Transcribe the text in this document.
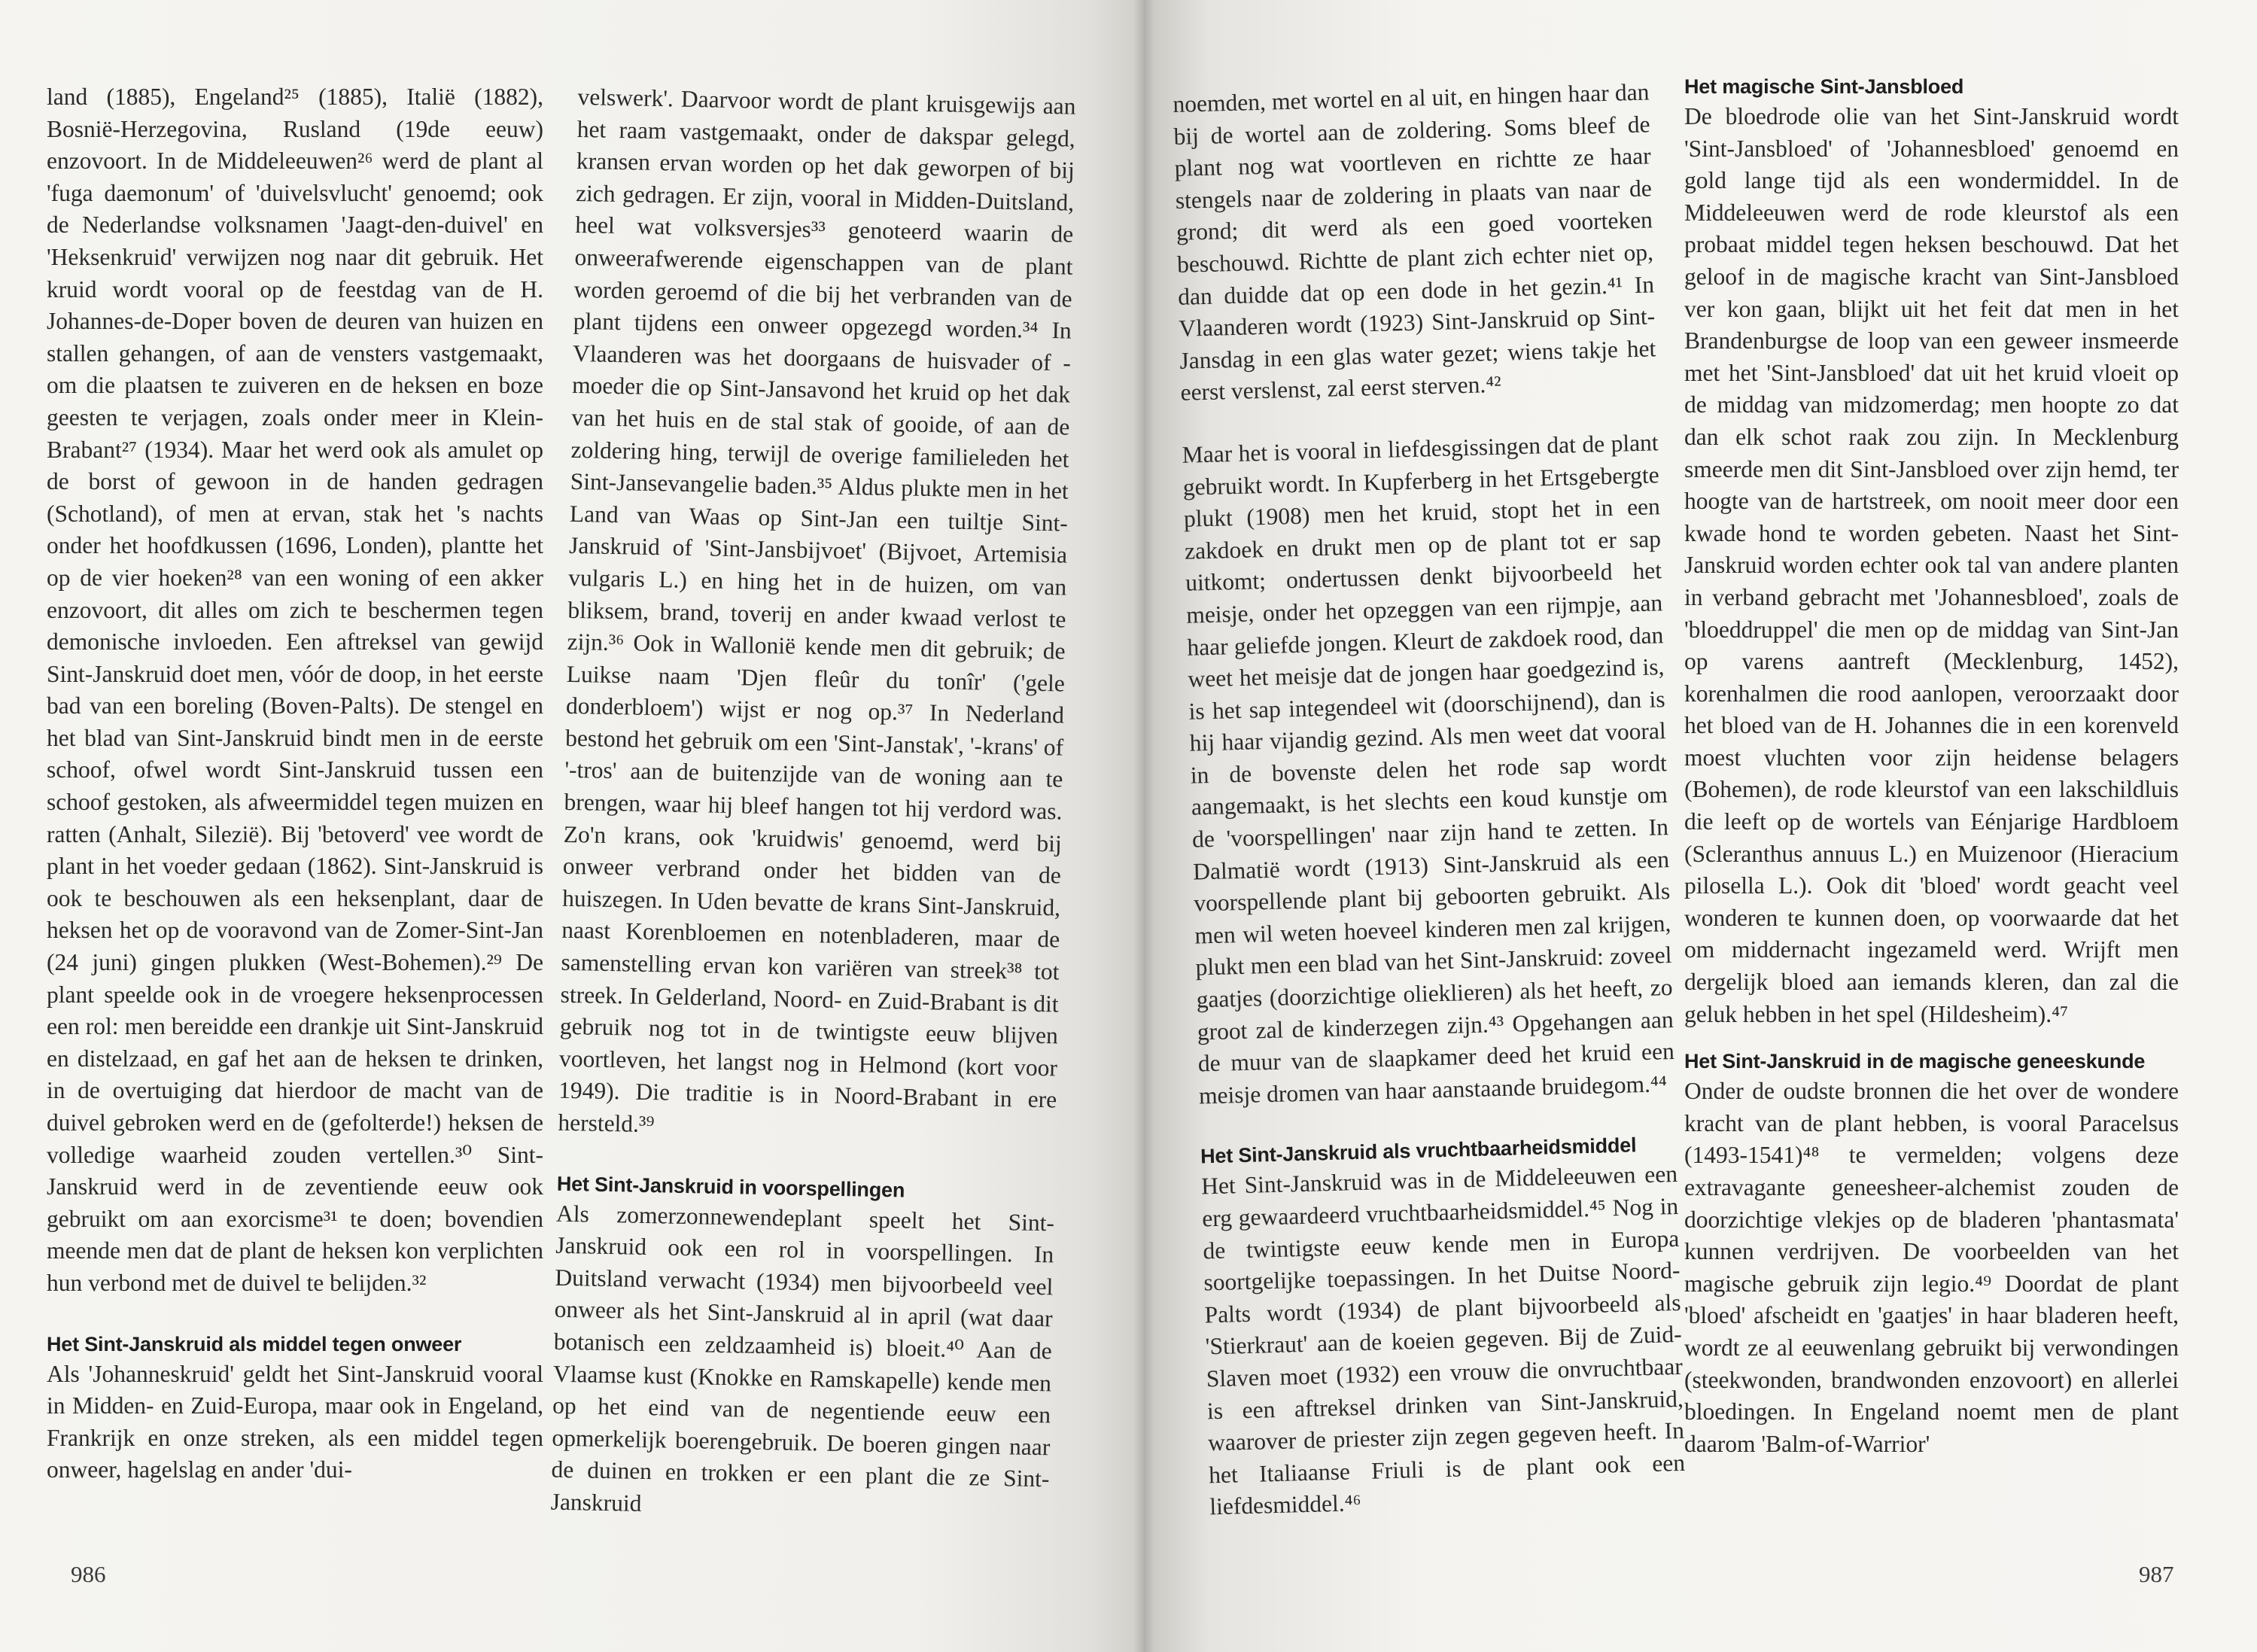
land (1885), Engeland²⁵ (1885), Italië (1882), Bosnië-Herzegovina, Rusland (19de eeuw) enzovoort. In de Middeleeuwen²⁶ werd de plant al 'fuga daemonum' of 'duivelsvlucht' genoemd; ook de Nederlandse volksnamen 'Jaagt-den-duivel' en 'Heksenkruid' verwijzen nog naar dit gebruik. Het kruid wordt vooral op de feestdag van de H. Johannes-de-Doper boven de deuren van huizen en stallen gehangen, of aan de vensters vastgemaakt, om die plaatsen te zuiveren en de heksen en boze geesten te verjagen, zoals onder meer in Klein-Brabant²⁷ (1934). Maar het werd ook als amulet op de borst of gewoon in de handen gedragen (Schotland), of men at ervan, stak het 's nachts onder het hoofdkussen (1696, Londen), plantte het op de vier hoeken²⁸ van een woning of een akker enzovoort, dit alles om zich te beschermen tegen demonische invloeden. Een aftreksel van gewijd Sint-Janskruid doet men, vóór de doop, in het eerste bad van een boreling (Boven-Palts). De stengel en het blad van Sint-Janskruid bindt men in de eerste schoof, ofwel wordt Sint-Janskruid tussen een schoof gestoken, als afweermiddel tegen muizen en ratten (Anhalt, Silezië). Bij 'betoverd' vee wordt de plant in het voeder gedaan (1862). Sint-Janskruid is ook te beschouwen als een heksenplant, daar de heksen het op de vooravond van de Zomer-Sint-Jan (24 juni) gingen plukken (West-Bohemen).²⁹ De plant speelde ook in de vroegere heksenprocessen een rol: men bereidde een drankje uit Sint-Janskruid en distelzaad, en gaf het aan de heksen te drinken, in de overtuiging dat hierdoor de macht van de duivel gebroken werd en de (gefolterde!) heksen de volledige waarheid zouden vertellen.³⁰ Sint-Janskruid werd in de zeventiende eeuw ook gebruikt om aan exorcisme³¹ te doen; bovendien meende men dat de plant de heksen kon verplichten hun verbond met de duivel te belijden.³²

Het Sint-Janskruid als middel tegen onweer

Als 'Johanneskruid' geldt het Sint-Janskruid vooral in Midden- en Zuid-Europa, maar ook in Engeland, Frankrijk en onze streken, als een middel tegen onweer, hagelslag en ander 'dui-

velswerk'. Daarvoor wordt de plant kruisgewijs aan het raam vastgemaakt, onder de dakspar gelegd, kransen ervan worden op het dak geworpen of bij zich gedragen. Er zijn, vooral in Midden-Duitsland, heel wat volksversjes³³ genoteerd waarin de onweerafwerende eigenschappen van de plant worden geroemd of die bij het verbranden van de plant tijdens een onweer opgezegd worden.³⁴ In Vlaanderen was het doorgaans de huisvader of -moeder die op Sint-Jansavond het kruid op het dak van het huis en de stal stak of gooide, of aan de zoldering hing, terwijl de overige familieleden het Sint-Jansevangelie baden.³⁵ Aldus plukte men in het Land van Waas op Sint-Jan een tuiltje Sint-Janskruid of 'Sint-Jansbijvoet' (Bijvoet, Artemisia vulgaris L.) en hing het in de huizen, om van bliksem, brand, toverij en ander kwaad verlost te zijn.³⁶ Ook in Wallonië kende men dit gebruik; de Luikse naam 'Djen fleûr du tonîr' ('gele donderbloem') wijst er nog op.³⁷ In Nederland bestond het gebruik om een 'Sint-Janstak', '-krans' of '-tros' aan de buitenzijde van de woning aan te brengen, waar hij bleef hangen tot hij verdord was. Zo'n krans, ook 'kruidwis' genoemd, werd bij onweer verbrand onder het bidden van de huiszegen. In Uden bevatte de krans Sint-Janskruid, naast Korenbloemen en notenbladeren, maar de samenstelling ervan kon variëren van streek³⁸ tot streek. In Gelderland, Noord- en Zuid-Brabant is dit gebruik nog tot in de twintigste eeuw blijven voortleven, het langst nog in Helmond (kort voor 1949). Die traditie is in Noord-Brabant in ere hersteld.³⁹

Het Sint-Janskruid in voorspellingen

Als zomerzonnewendeplant speelt het Sint-Janskruid ook een rol in voorspellingen. In Duitsland verwacht (1934) men bijvoorbeeld veel onweer als het Sint-Janskruid al in april (wat daar botanisch een zeldzaamheid is) bloeit.⁴⁰ Aan de Vlaamse kust (Knokke en Ramskapelle) kende men op het eind van de negentiende eeuw een opmerkelijk boerengebruik. De boeren gingen naar de duinen en trokken er een plant die ze Sint-Janskruid

986

noemden, met wortel en al uit, en hingen haar dan bij de wortel aan de zoldering. Soms bleef de plant nog wat voortleven en richtte ze haar stengels naar de zoldering in plaats van naar de grond; dit werd als een goed voorteken beschouwd. Richtte de plant zich echter niet op, dan duidde dat op een dode in het gezin.⁴¹ In Vlaanderen wordt (1923) Sint-Janskruid op Sint-Jansdag in een glas water gezet; wiens takje het eerst verslenst, zal eerst sterven.⁴²

Maar het is vooral in liefdesgissingen dat de plant gebruikt wordt. In Kupferberg in het Ertsgebergte plukt (1908) men het kruid, stopt het in een zakdoek en drukt men op de plant tot er sap uitkomt; ondertussen denkt bijvoorbeeld het meisje, onder het opzeggen van een rijmpje, aan haar geliefde jongen. Kleurt de zakdoek rood, dan weet het meisje dat de jongen haar goedgezind is, is het sap integendeel wit (doorschijnend), dan is hij haar vijandig gezind. Als men weet dat vooral in de bovenste delen het rode sap wordt aangemaakt, is het slechts een koud kunstje om de 'voorspellingen' naar zijn hand te zetten. In Dalmatië wordt (1913) Sint-Janskruid als een voorspellende plant bij geboorten gebruikt. Als men wil weten hoeveel kinderen men zal krijgen, plukt men een blad van het Sint-Janskruid: zoveel gaatjes (doorzichtige olieklieren) als het heeft, zo groot zal de kinderzegen zijn.⁴³ Opgehangen aan de muur van de slaapkamer deed het kruid een meisje dromen van haar aanstaande bruidegom.⁴⁴

Het Sint-Janskruid als vruchtbaarheidsmiddel

Het Sint-Janskruid was in de Middeleeuwen een erg gewaardeerd vruchtbaarheidsmiddel.⁴⁵ Nog in de twintigste eeuw kende men in Europa soortgelijke toepassingen. In het Duitse Noord-Palts wordt (1934) de plant bijvoorbeeld als 'Stierkraut' aan de koeien gegeven. Bij de Zuid-Slaven moet (1932) een vrouw die onvruchtbaar is een aftreksel drinken van Sint-Janskruid, waarover de priester zijn zegen gegeven heeft. In het Italiaanse Friuli is de plant ook een liefdesmiddel.⁴⁶

Het magische Sint-Jansbloed

De bloedrode olie van het Sint-Janskruid wordt 'Sint-Jansbloed' of 'Johannesbloed' genoemd en gold lange tijd als een wondermiddel. In de Middeleeuwen werd de rode kleurstof als een probaat middel tegen heksen beschouwd. Dat het geloof in de magische kracht van Sint-Jansbloed ver kon gaan, blijkt uit het feit dat men in het Brandenburgse de loop van een geweer insmeerde met het 'Sint-Jansbloed' dat uit het kruid vloeit op de middag van midzomerdag; men hoopte zo dat dan elk schot raak zou zijn. In Mecklenburg smeerde men dit Sint-Jansbloed over zijn hemd, ter hoogte van de hartstreek, om nooit meer door een kwade hond te worden gebeten. Naast het Sint-Janskruid worden echter ook tal van andere planten in verband gebracht met 'Johannesbloed', zoals de 'bloeddruppel' die men op de middag van Sint-Jan op varens aantreft (Mecklenburg, 1452), korenhalmen die rood aanlopen, veroorzaakt door het bloed van de H. Johannes die in een korenveld moest vluchten voor zijn heidense belagers (Bohemen), de rode kleurstof van een lakschildluis die leeft op de wortels van Eénjarige Hardbloem (Scleranthus annuus L.) en Muizenoor (Hieracium pilosella L.). Ook dit 'bloed' wordt geacht veel wonderen te kunnen doen, op voorwaarde dat het om middernacht ingezameld werd. Wrijft men dergelijk bloed aan iemands kleren, dan zal die geluk hebben in het spel (Hildesheim).⁴⁷

Het Sint-Janskruid in de magische geneeskunde

Onder de oudste bronnen die het over de wondere kracht van de plant hebben, is vooral Paracelsus (1493-1541)⁴⁸ te vermelden; volgens deze extravagante geneesheer-alchemist zouden de doorzichtige vlekjes op de bladeren 'phantasmata' kunnen verdrijven. De voorbeelden van het magische gebruik zijn legio.⁴⁹ Doordat de plant 'bloed' afscheidt en 'gaatjes' in haar bladeren heeft, wordt ze al eeuwenlang gebruikt bij verwondingen (steekwonden, brandwonden enzovoort) en allerlei bloedingen. In Engeland noemt men de plant daarom 'Balm-of-Warrior'

987
